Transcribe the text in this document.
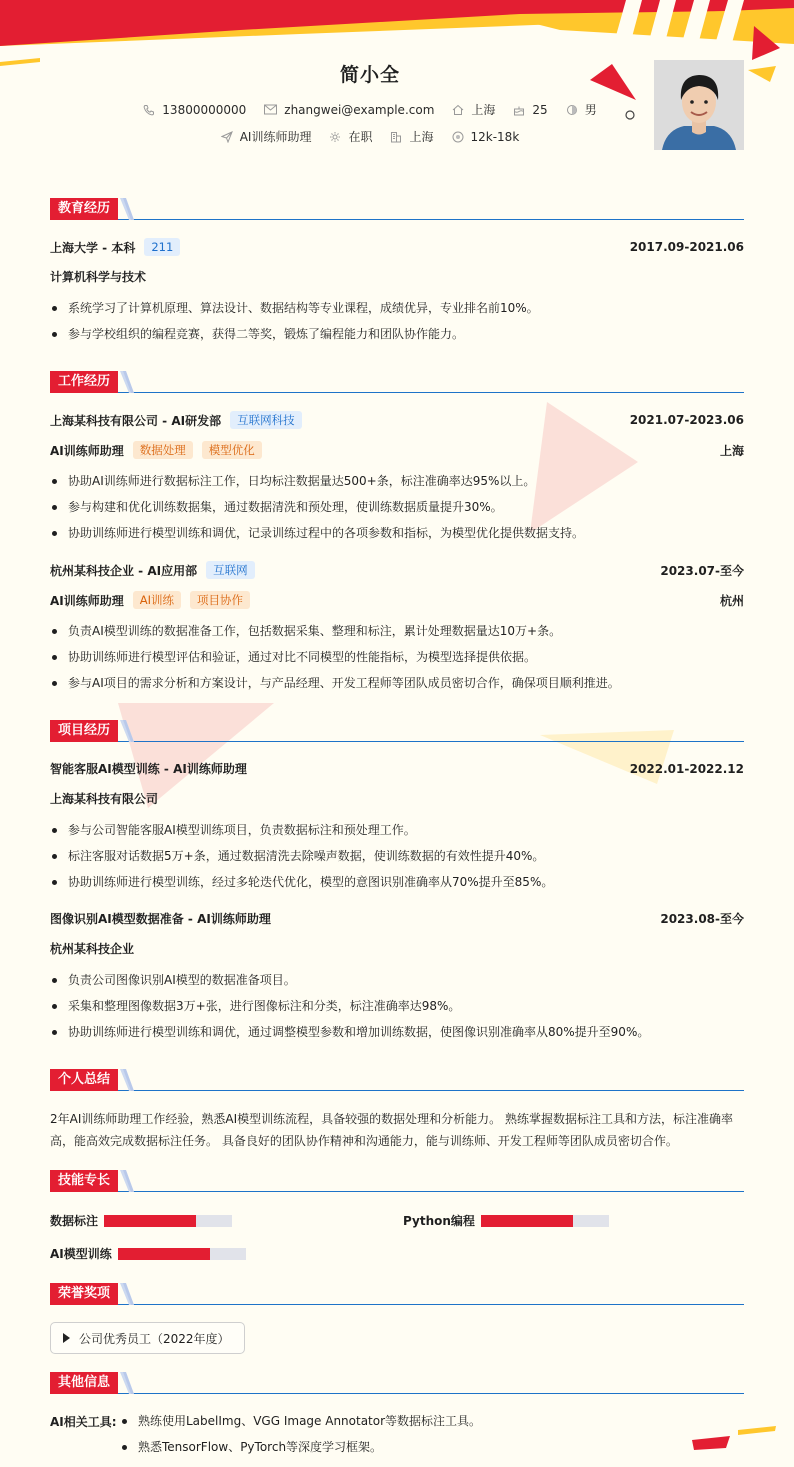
简小全
13800000000	zhangwei@example.com	上海	25	男
AI训练师助理	在职	上海	12k-18k
教育经历
上海大学 - 本科	211	2017.09-2021.06
计算机科学与技术
系统学习了计算机原理、算法设计、数据结构等专业课程，成绩优异，专业排名前10%。
参与学校组织的编程竞赛，获得二等奖，锻炼了编程能力和团队协作能力。
工作经历
上海某科技有限公司 - AI研发部	互联网科技	2021.07-2023.06
AI训练师助理	数据处理	模型优化	上海
协助AI训练师进行数据标注工作，日均标注数据量达500+条，标注准确率达95%以上。
参与构建和优化训练数据集，通过数据清洗和预处理，使训练数据质量提升30%。
协助训练师进行模型训练和调优，记录训练过程中的各项参数和指标，为模型优化提供数据支持。
杭州某科技企业 - AI应用部	互联网	2023.07-至今
AI训练师助理	AI训练	项目协作	杭州
负责AI模型训练的数据准备工作，包括数据采集、整理和标注，累计处理数据量达10万+条。
协助训练师进行模型评估和验证，通过对比不同模型的性能指标，为模型选择提供依据。
参与AI项目的需求分析和方案设计，与产品经理、开发工程师等团队成员密切合作，确保项目顺利推进。
项目经历
智能客服AI模型训练 - AI训练师助理	2022.01-2022.12
上海某科技有限公司
参与公司智能客服AI模型训练项目，负责数据标注和预处理工作。
标注客服对话数据5万+条，通过数据清洗去除噪声数据，使训练数据的有效性提升40%。
协助训练师进行模型训练，经过多轮迭代优化，模型的意图识别准确率从70%提升至85%。
图像识别AI模型数据准备 - AI训练师助理	2023.08-至今
杭州某科技企业
负责公司图像识别AI模型的数据准备项目。
采集和整理图像数据3万+张，进行图像标注和分类，标注准确率达98%。
协助训练师进行模型训练和调优，通过调整模型参数和增加训练数据，使图像识别准确率从80%提升至90%。
个人总结
2年AI训练师助理工作经验，熟悉AI模型训练流程，具备较强的数据处理和分析能力。 熟练掌握数据标注工具和方法，标注准确率高，能高效完成数据标注任务。 具备良好的团队协作精神和沟通能力，能与训练师、开发工程师等团队成员密切合作。
技能专长
数据标注	Python编程
AI模型训练
荣誉奖项
公司优秀员工（2022年度）
其他信息
AI相关工具:	熟练使用LabelImg、VGG Image Annotator等数据标注工具。
熟悉TensorFlow、PyTorch等深度学习框架。
